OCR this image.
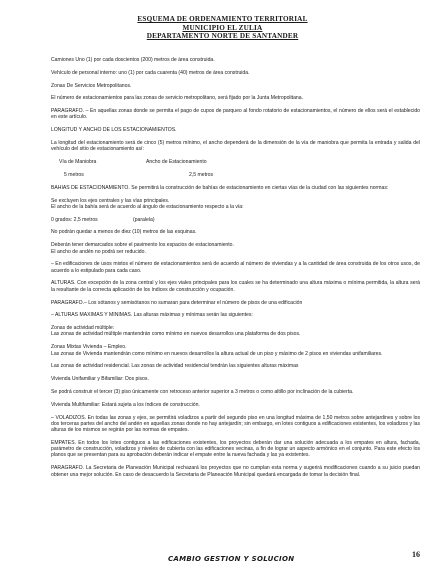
ESQUEMA DE ORDENAMIENTO TERRITORIAL
MUNICIPIO EL ZULIA
DEPARTAMENTO NORTE DE SANTANDER

Camiones Uno (1) por cada doscientos (200) metros de área construida.

Vehículo de personal interno: uno (1) por cada cuarenta (40) metros de área construida.

Zonas De Servicios Metropolitanos.

El número de estacionamientos para las zonas de servicio metropolitano, será fijado por la Junta Metropolitana.

PARAGRAFO. – En aquellas zonas donde se permita el pago de cupos de parqueo al fondo rotatorio de estacionamientos, el número de ellos será el establecido en este artículo.

LONGITUD Y ANCHO DE LOS ESTACIONAMIENTOS.

La longitud del estacionamiento será de cinco (5) metros mínimo, el ancho dependerá de la dimensión de la vía de maniobra que permita la entrada y salida del vehículo del sitio de estacionamiento así:

Vía de Maniobra	Ancho de Estacionamiento
5 metros	2,5 metros

BAHIAS DE ESTACIONAMIENTO. Se permitirá la construcción de bahías de estacionamiento en ciertas vías de la ciudad con las siguientes normas:

Se excluyen los ejes centrales y las vías principales.

El ancho de la bahía será de acuerdo al ángulo de estacionamiento respecto a la vía:

0 grados: 2,5 metros	(paralela)

No podrán quedar a menos de diez (10) metros de las esquinas.

Deberán tener demarcados sobre el pavimento los espacios de estacionamiento.

El ancho de andén no podrá ser reducido.

– En edificaciones de usos mixtos el número de estacionamientos será de acuerdo al número de viviendas y a la cantidad de área construida de los otros usos, de acuerdo a lo estipulado para cada caso.

ALTURAS. Con excepción de la zona central y los ejes viales principales para los cuales se ha determinado una altura máxima o mínima permitida, la altura será la resultante de la correcta aplicación de los índices de construcción y ocupación.

PARAGRAFO.– Los sótanos y semisótanos no sumaran para determinar el número de pisos de una edificación

– ALTURAS MAXIMAS Y MINIMAS. Las alturas máximas y mínimas serán las siguientes:

Zonas de actividad múltiple:

Las zonas de actividad múltiple mantendrán como mínimo en nuevos desarrollos una plataforma de dos pisos.

Zonas Mixtas Vivienda – Empleo.

Las zonas de Vivienda mantendrán como mínimo en nuevos desarrollos la altura actual de un piso y máximo de 2 pisos en viviendas unifamiliares.

Las zonas de actividad residencial. Las zonas de actividad residencial tendrán las siguientes alturas máximas

Vivienda Unifamiliar y Bifamiliar: Dos pisos.

Se podrá construir el tercer (3) piso únicamente con retroceso anterior superior a 3 metros o como altillo por inclinación de la cubierta.

Vivienda Multifamiliar: Estará sujeta a los índices de construcción.

– VOLADIZOS. En todas las zonas y ejes, se permitirá voladizos a partir del segundo piso en una longitud máxima de 1,50 metros sobre antejardines y sobre los dos terceras partes del ancho del andén en aquellas zonas donde no hay antejardín; sin embargo, en lotes contiguos a edificaciones existentes, los voladizos y las alturas de los mismos se regirán por las normas de empates.

EMPATES. En todos los lotes contiguos a las edificaciones existentes, los proyectos deberán dar una solución adecuada a los empates en altura, fachada, parámetro de construcción, voladizos y niveles de cubierta con las edificaciones vecinas, a fin de lograr un aspecto armónico en el conjunto. Para este efecto los planos que se presentan para su aprobación deberán indicar el empate entre la nueva fachada y las ya existentes.

PARAGRAFO. La Secretaria de Planeación Municipal rechazará los proyectos que no cumplan esta norma y sugerirá modificaciones cuando a su juicio puedan obtener una mejor solución. En caso de desacuerdo la Secretaria de Planeación Municipal quedará encargada de tomar la decisión final.

CAMBIO GESTION Y SOLUCION	16
